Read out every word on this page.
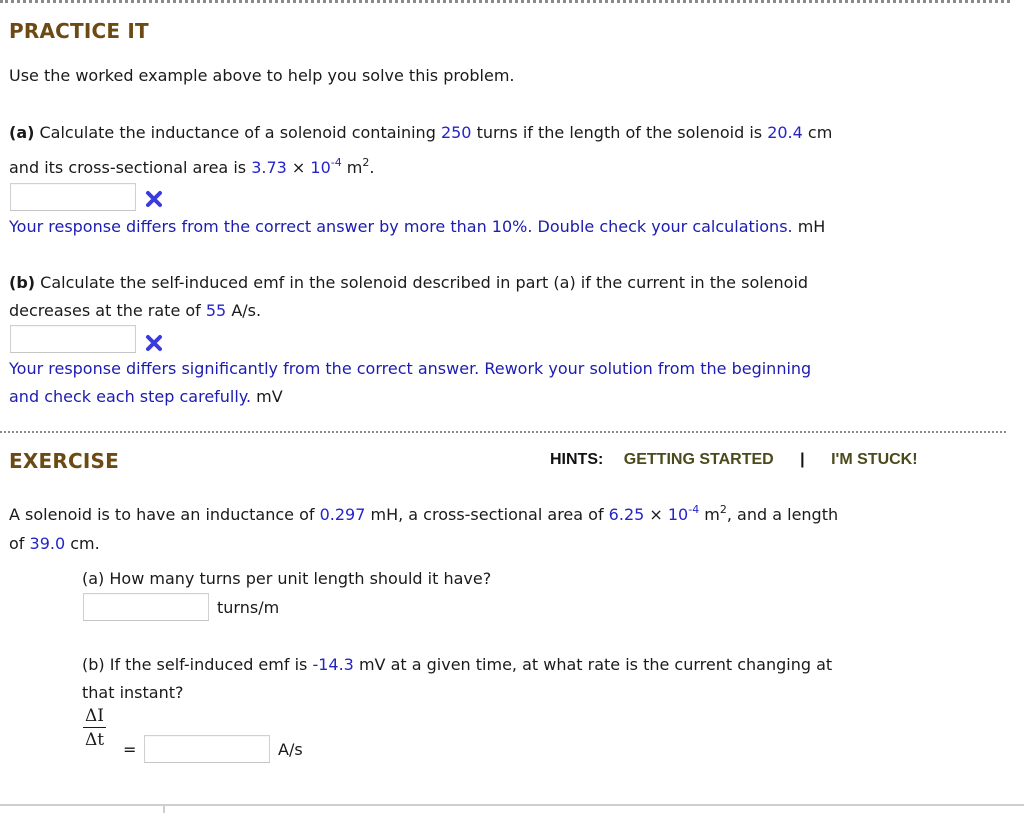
PRACTICE IT
Use the worked example above to help you solve this problem.
(a) Calculate the inductance of a solenoid containing 250 turns if the length of the solenoid is 20.4 cm
and its cross-sectional area is $3.73 \times 10^{-4}$ $m^2$.
Your response differs from the correct answer by more than 10%. Double check your calculations. mH
(b) Calculate the self-induced emf in the solenoid described in part (a) if the current in the solenoid
decreases at the rate of 55 A/s.
Your response differs significantly from the correct answer. Rework your solution from the beginning
and check each step carefully. mV
EXERCISE	HINTS: GETTING STARTED | I'M STUCK!
A solenoid is to have an inductance of 0.297 mH, a cross-sectional area of $6.25 \times 10^{-4}$ $m^2$, and a length
of 39.0 cm.
(a) How many turns per unit length should it have?
turns/m
(b) If the self-induced emf is -14.3 mV at a given time, at what rate is the current changing at
that instant?
$\frac{\Delta I}{\Delta t}$ =	A/s
